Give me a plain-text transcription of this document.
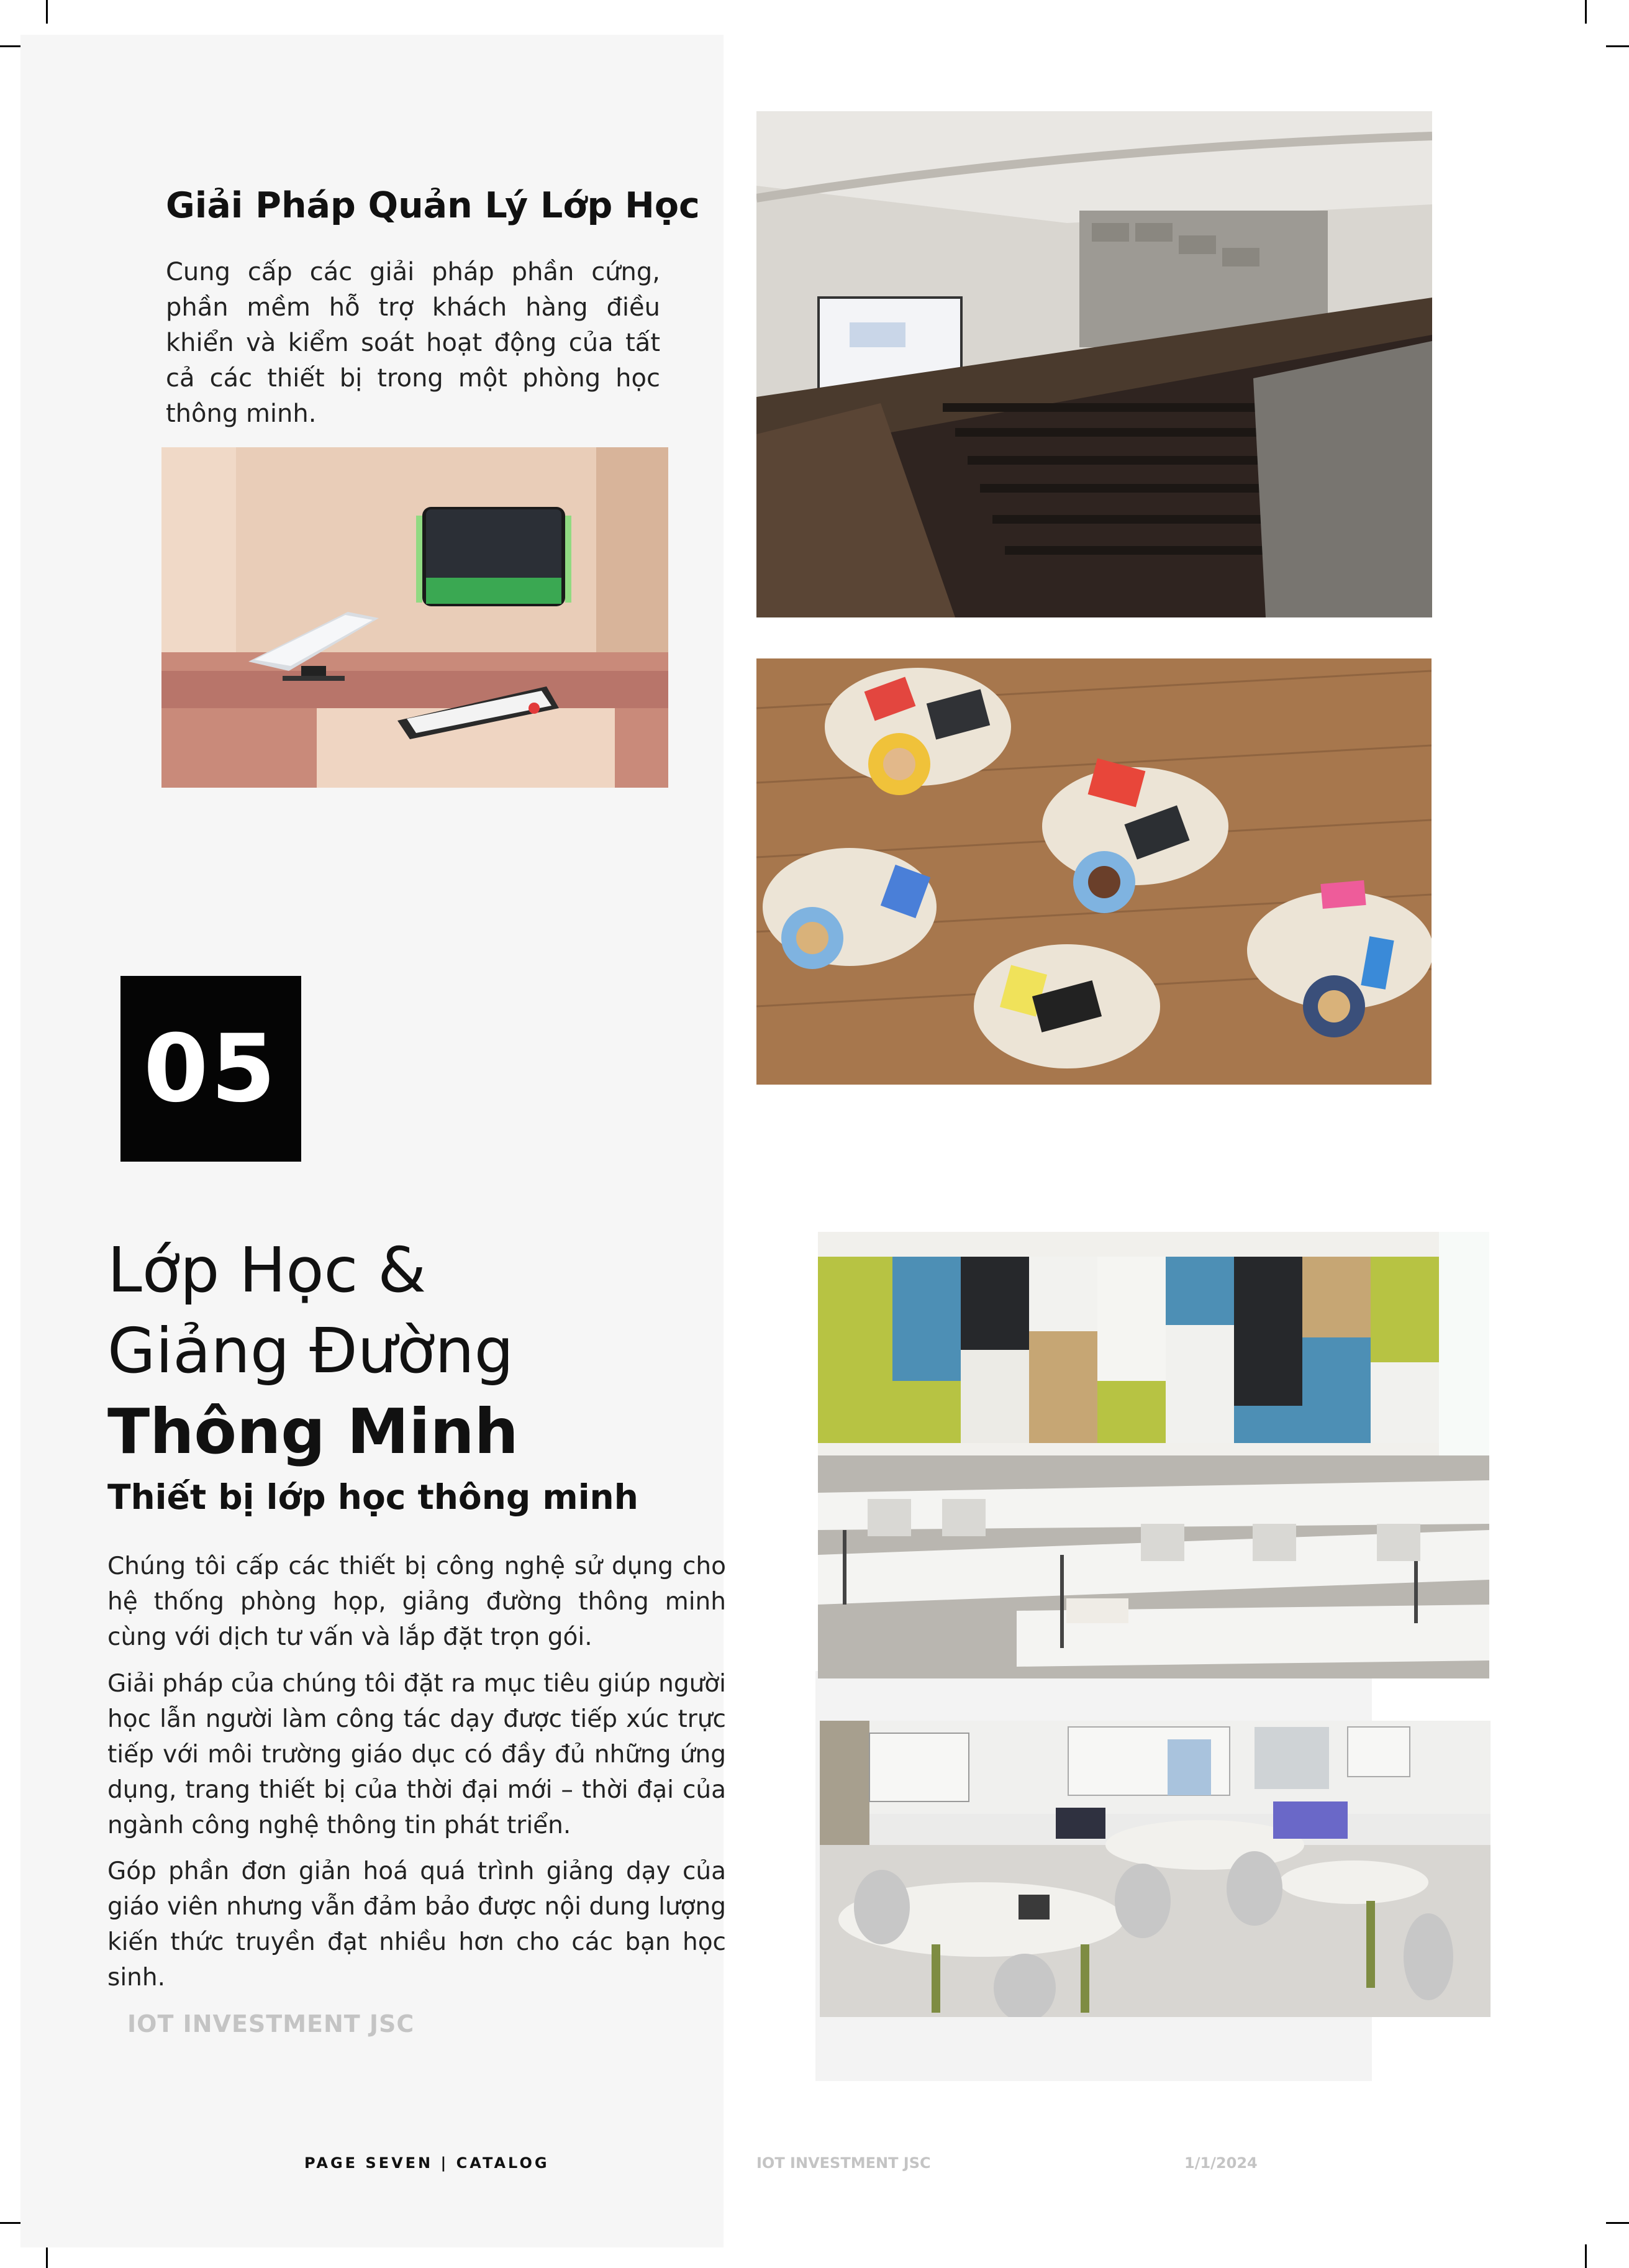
Giải Pháp Quản Lý Lớp Học

Cung cấp các giải pháp phần cứng, phần mềm hỗ trợ khách hàng điều khiển và kiểm soát hoạt động của tất cả các thiết bị trong một phòng học thông minh.

05
Lớp Học &
Giảng Đường
Thông Minh
Thiết bị lớp học thông minh

Chúng tôi cấp các thiết bị công nghệ sử dụng cho hệ thống phòng họp, giảng đường thông minh cùng với dịch tư vấn và lắp đặt trọn gói.

Giải pháp của chúng tôi đặt ra mục tiêu giúp người học lẫn người làm công tác dạy được tiếp xúc trực tiếp với môi trường giáo dục có đầy đủ những ứng dụng, trang thiết bị của thời đại mới – thời đại của ngành công nghệ thông tin phát triển.

Góp phần đơn giản hoá quá trình giảng dạy của giáo viên nhưng vẫn đảm bảo được nội dung lượng kiến thức truyền đạt nhiều hơn cho các bạn học sinh.

IOT INVESTMENT JSC
PAGE SEVEN | CATALOG	IOT INVESTMENT JSC	1/1/2024
